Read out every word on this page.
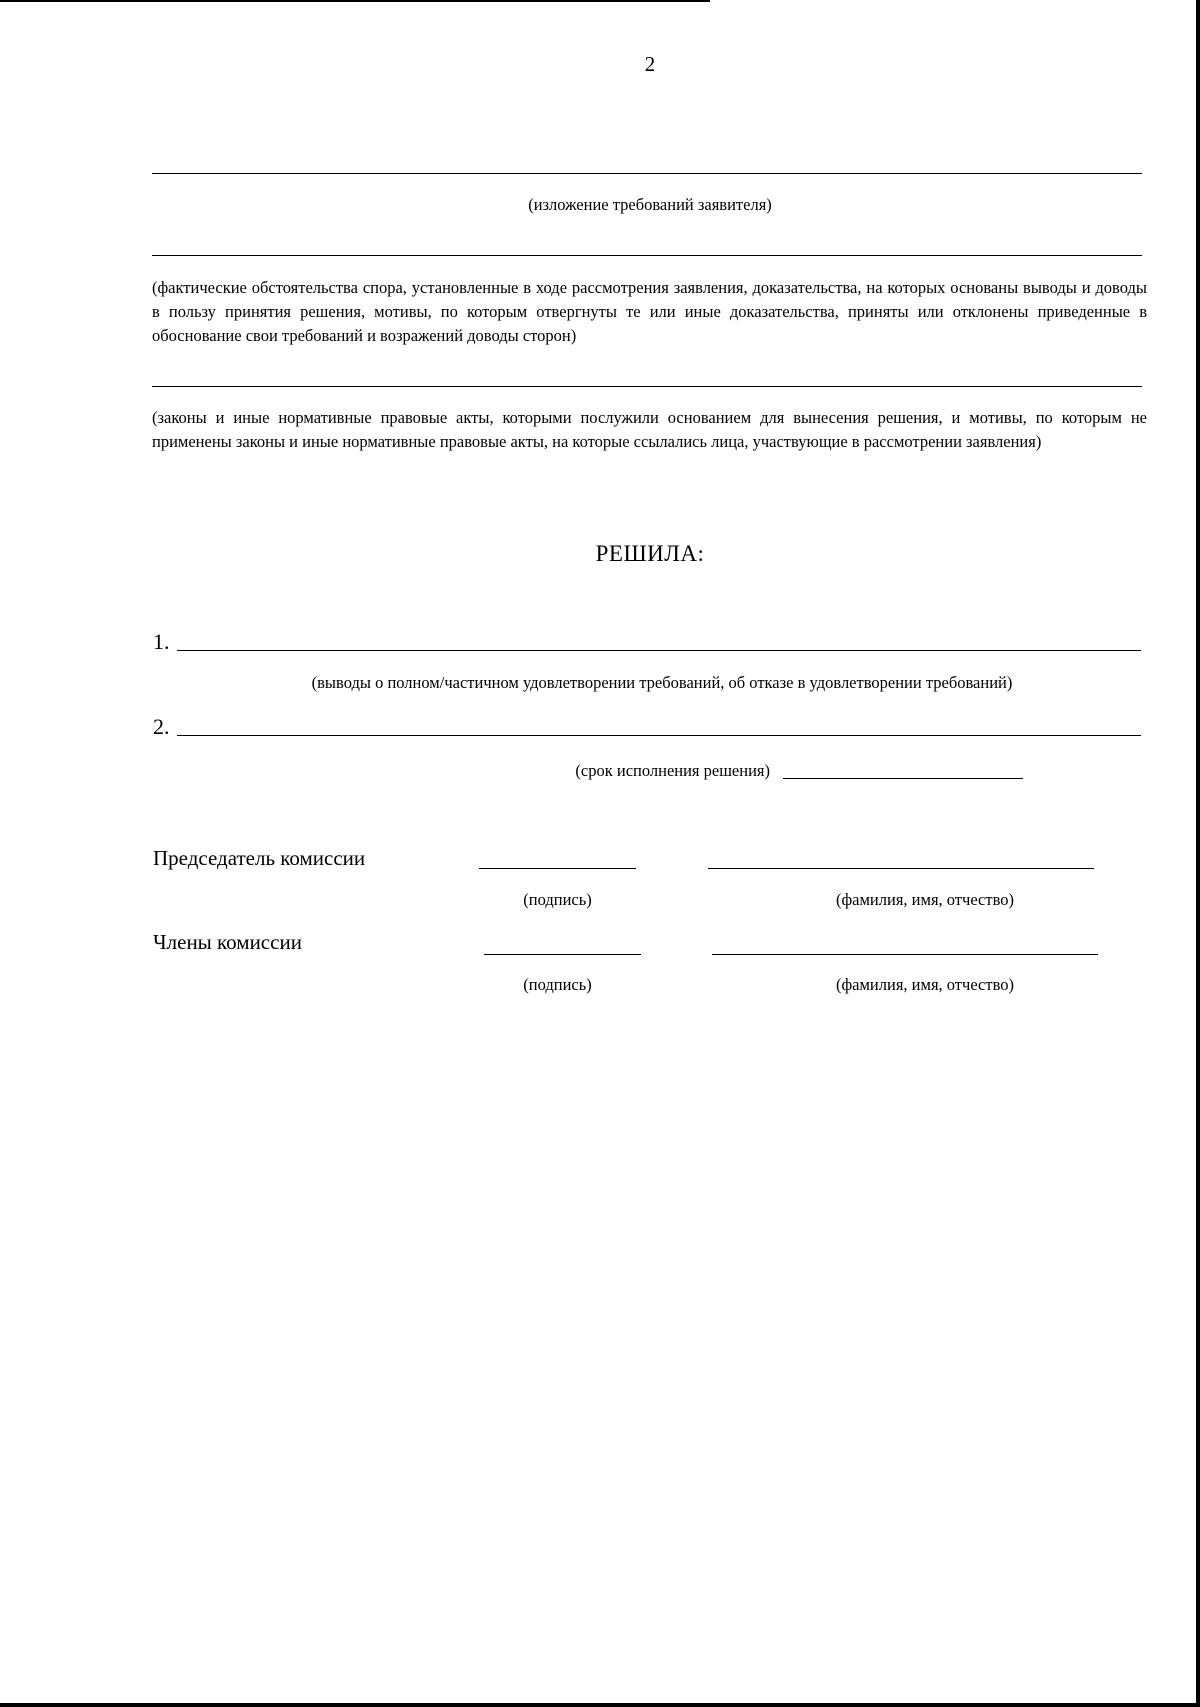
2
(изложение требований заявителя)
(фактические обстоятельства спора, установленные в ходе рассмотрения заявления, доказательства, на которых основаны выводы и доводы в пользу принятия решения, мотивы, по которым отвергнуты те или иные доказательства, приняты или отклонены приведенные в обоснование свои требований и возражений доводы сторон)
(законы и иные нормативные правовые акты, которыми послужили основанием для вынесения решения, и мотивы, по которым не применены законы и иные нормативные правовые акты, на которые ссылались лица, участвующие в рассмотрении заявления)
РЕШИЛА:
1.
(выводы о полном/частичном удовлетворении требований, об отказе в удовлетворении требований)
2.
(срок исполнения решения)
Председатель комиссии
(подпись)	(фамилия, имя, отчество)
Члены комиссии
(подпись)	(фамилия, имя, отчество)
